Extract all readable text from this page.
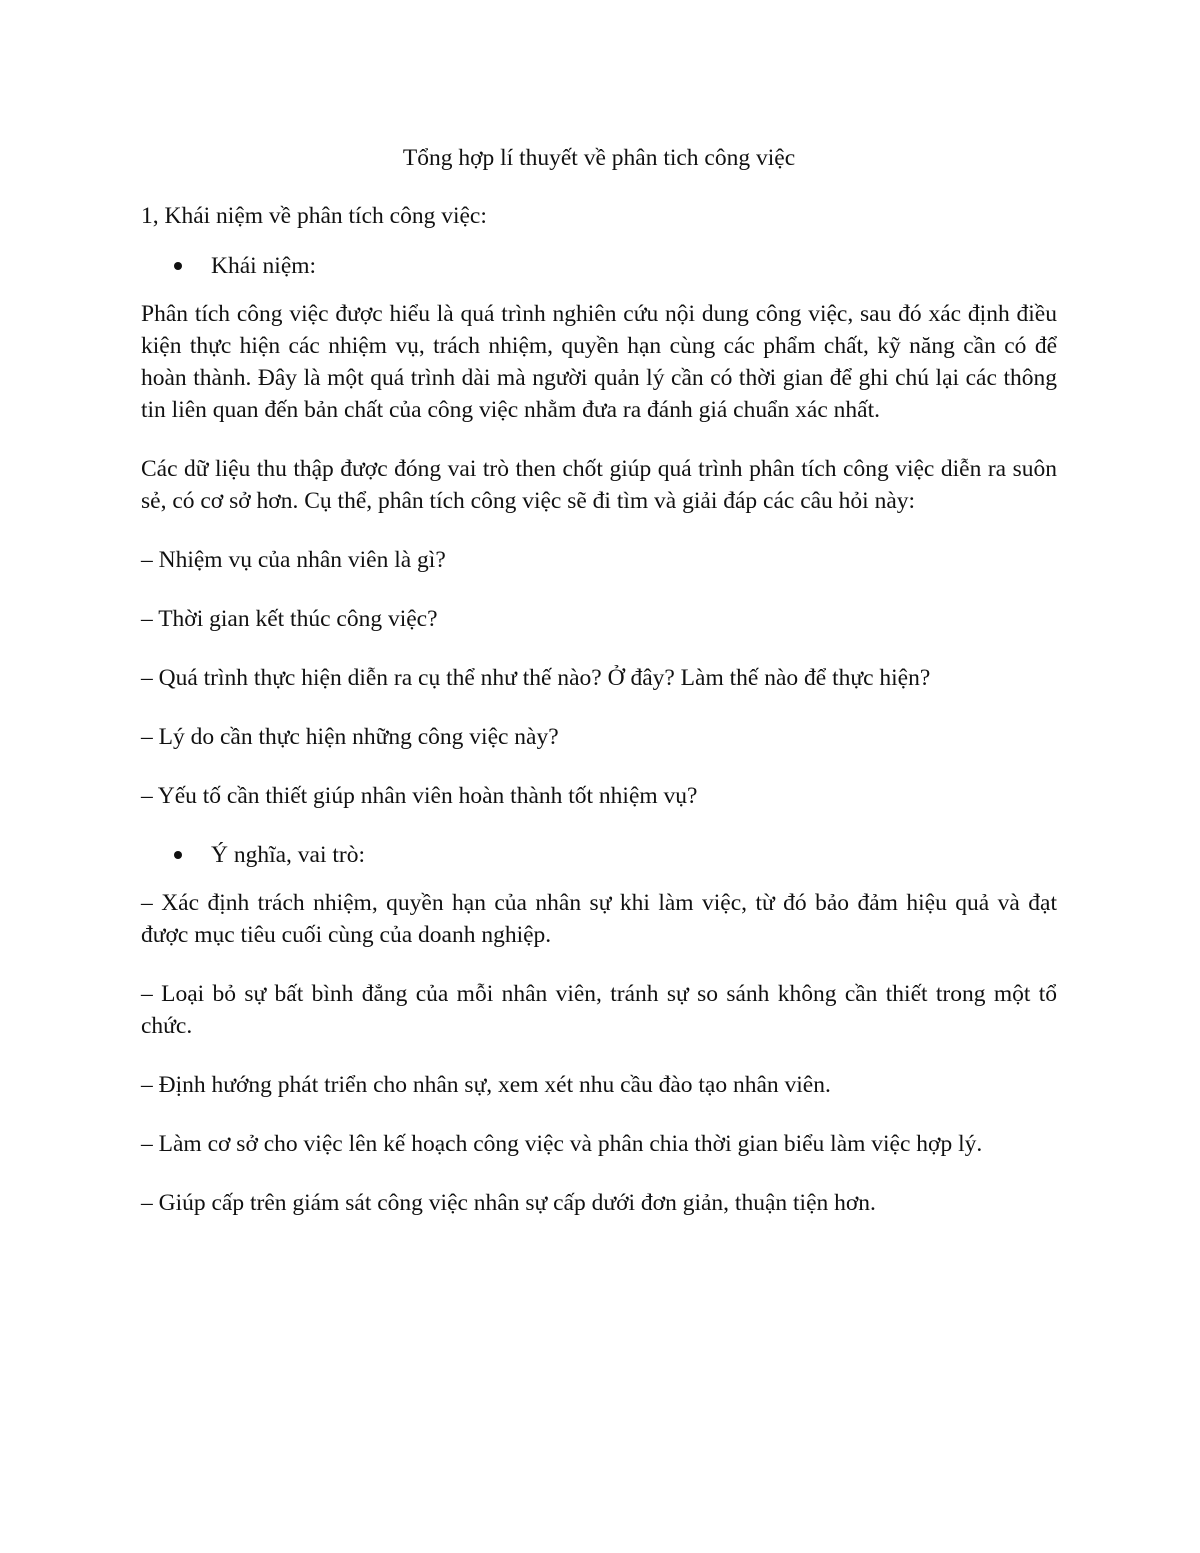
Tổng hợp lí thuyết về phân tich công việc
1, Khái niệm về phân tích công việc:
Khái niệm:

Phân tích công việc được hiểu là quá trình nghiên cứu nội dung công việc, sau đó xác định điều kiện thực hiện các nhiệm vụ, trách nhiệm, quyền hạn cùng các phẩm chất, kỹ năng cần có để hoàn thành. Đây là một quá trình dài mà người quản lý cần có thời gian để ghi chú lại các thông tin liên quan đến bản chất của công việc nhằm đưa ra đánh giá chuẩn xác nhất.

Các dữ liệu thu thập được đóng vai trò then chốt giúp quá trình phân tích công việc diễn ra suôn sẻ, có cơ sở hơn. Cụ thể, phân tích công việc sẽ đi tìm và giải đáp các câu hỏi này:

– Nhiệm vụ của nhân viên là gì?

– Thời gian kết thúc công việc?

– Quá trình thực hiện diễn ra cụ thể như thế nào? Ở đây? Làm thế nào để thực hiện?

– Lý do cần thực hiện những công việc này?

– Yếu tố cần thiết giúp nhân viên hoàn thành tốt nhiệm vụ?

Ý nghĩa, vai trò:

– Xác định trách nhiệm, quyền hạn của nhân sự khi làm việc, từ đó bảo đảm hiệu quả và đạt được mục tiêu cuối cùng của doanh nghiệp.

– Loại bỏ sự bất bình đẳng của mỗi nhân viên, tránh sự so sánh không cần thiết trong một tổ chức.

– Định hướng phát triển cho nhân sự, xem xét nhu cầu đào tạo nhân viên.

– Làm cơ sở cho việc lên kế hoạch công việc và phân chia thời gian biểu làm việc hợp lý.

– Giúp cấp trên giám sát công việc nhân sự cấp dưới đơn giản, thuận tiện hơn.
